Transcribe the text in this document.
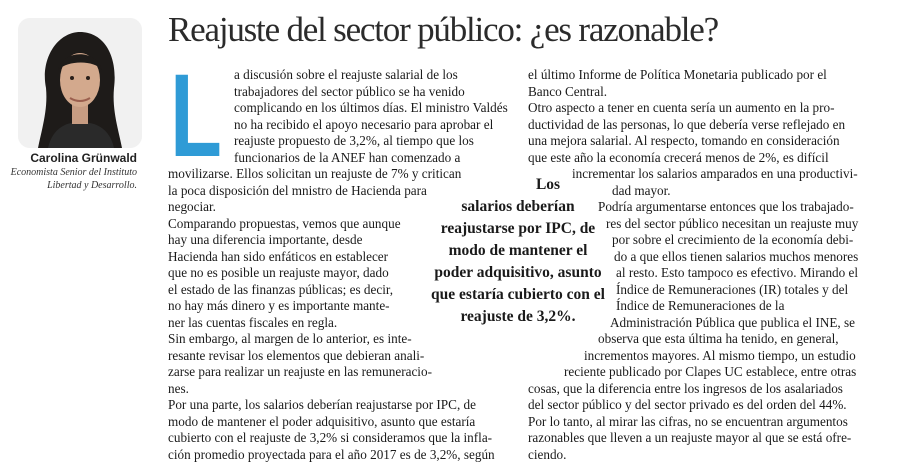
Reajuste del sector público: ¿es razonable?
Carolina Grünwald
Economista Senior del Instituto
Libertad y Desarrollo.
L a discusión sobre el reajuste salarial de los
trabajadores del sector público se ha venido
complicando en los últimos días. El ministro Valdés
no ha recibido el apoyo necesario para aprobar el
reajuste propuesto de 3,2%, al tiempo que los
funcionarios de la ANEF han comenzado a
movilizarse. Ellos solicitan un reajuste de 7% y critican
la poca disposición del mnistro de Hacienda para
negociar.
Comparando propuestas, vemos que aunque
hay una diferencia importante, desde
Hacienda han sido enfáticos en establecer
que no es posible un reajuste mayor, dado
el estado de las finanzas públicas; es decir,
no hay más dinero y es importante mante-
ner las cuentas fiscales en regla.
Sin embargo, al margen de lo anterior, es inte-
resante revisar los elementos que debieran anali-
zarse para realizar un reajuste en las remuneracio-
nes.
Por una parte, los salarios deberían reajustarse por IPC, de
modo de mantener el poder adquisitivo, asunto que estaría
cubierto con el reajuste de 3,2% si consideramos que la infla-
ción promedio proyectada para el año 2017 es de 3,2%, según
el último Informe de Política Monetaria publicado por el
Banco Central.
Otro aspecto a tener en cuenta sería un aumento en la pro-
ductividad de las personas, lo que debería verse reflejado en
una mejora salarial. Al respecto, tomando en consideración
que este año la economía crecerá menos de 2%, es difícil
incrementar los salarios amparados en una productivi-
dad mayor.
Podría argumentarse entonces que los trabajado-
res del sector público necesitan un reajuste muy
por sobre el crecimiento de la economía debi-
do a que ellos tienen salarios muchos menores
al resto. Esto tampoco es efectivo. Mirando el
Índice de Remuneraciones (IR) totales y del
Índice de Remuneraciones de la
Administración Pública que publica el INE, se
observa que esta última ha tenido, en general,
incrementos mayores. Al mismo tiempo, un estudio
reciente publicado por Clapes UC establece, entre otras
cosas, que la diferencia entre los ingresos de los asalariados
del sector público y del sector privado es del orden del 44%.
Por lo tanto, al mirar las cifras, no se encuentran argumentos
razonables que lleven a un reajuste mayor al que se está ofre-
ciendo.
Los
salarios deberían
reajustarse por IPC, de
modo de mantener el
poder adquisitivo, asunto
que estaría cubierto con el
reajuste de 3,2%.
